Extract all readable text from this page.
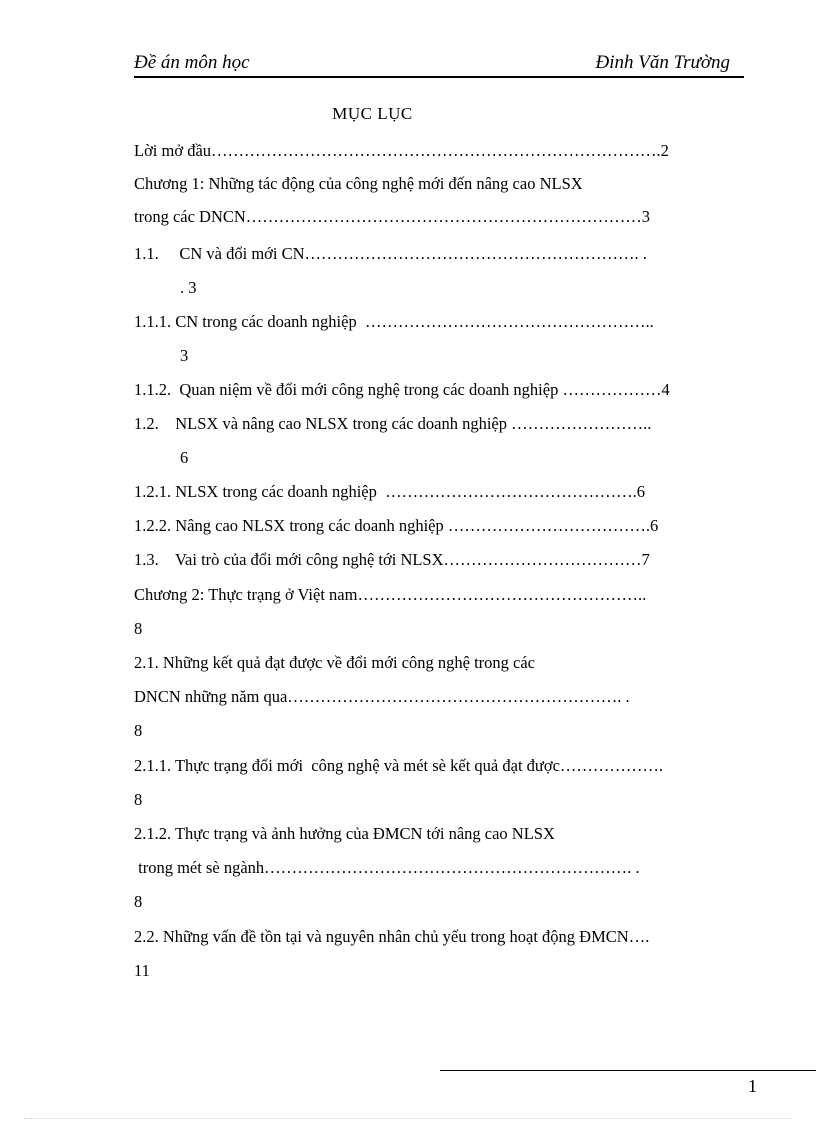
Đề án môn học	Đinh Văn Trường
MỤC LỤC
Lời mở đầu……………………………………………………………………….2
Chương 1: Những tác động của công nghệ mới đến nâng cao NLSX
trong các DNCN………………………………………………………………3
1.1.     CN và đổi mới CN……………………………………………………. .
. 3
1.1.1. CN trong các doanh nghiệp  ……………………………………………..
3
1.1.2.  Quan niệm về đổi mới công nghệ trong các doanh nghiệp ………………4
1.2.    NLSX và nâng cao NLSX trong các doanh nghiệp ……………………..
6
1.2.1. NLSX trong các doanh nghiệp  ……………………………………….6
1.2.2. Nâng cao NLSX trong các doanh nghiệp ……………………………….6
1.3.    Vai trò của đổi mới công nghệ tới NLSX………………………………7
Chương 2: Thực trạng ở Việt nam……………………………………………..
8
2.1. Những kết quả đạt được về đổi mới công nghệ trong các
DNCN những năm qua……………………………………………………. .
8
2.1.1. Thực trạng đổi mới  công nghệ và mét sè kết quả đạt được……………….
8
2.1.2. Thực trạng và ảnh hưởng của ĐMCN tới nâng cao NLSX
trong mét sè ngành…………………………………………………………. .
8
2.2. Những vấn đề tồn tại và nguyên nhân chủ yếu trong hoạt động ĐMCN….
11
1
